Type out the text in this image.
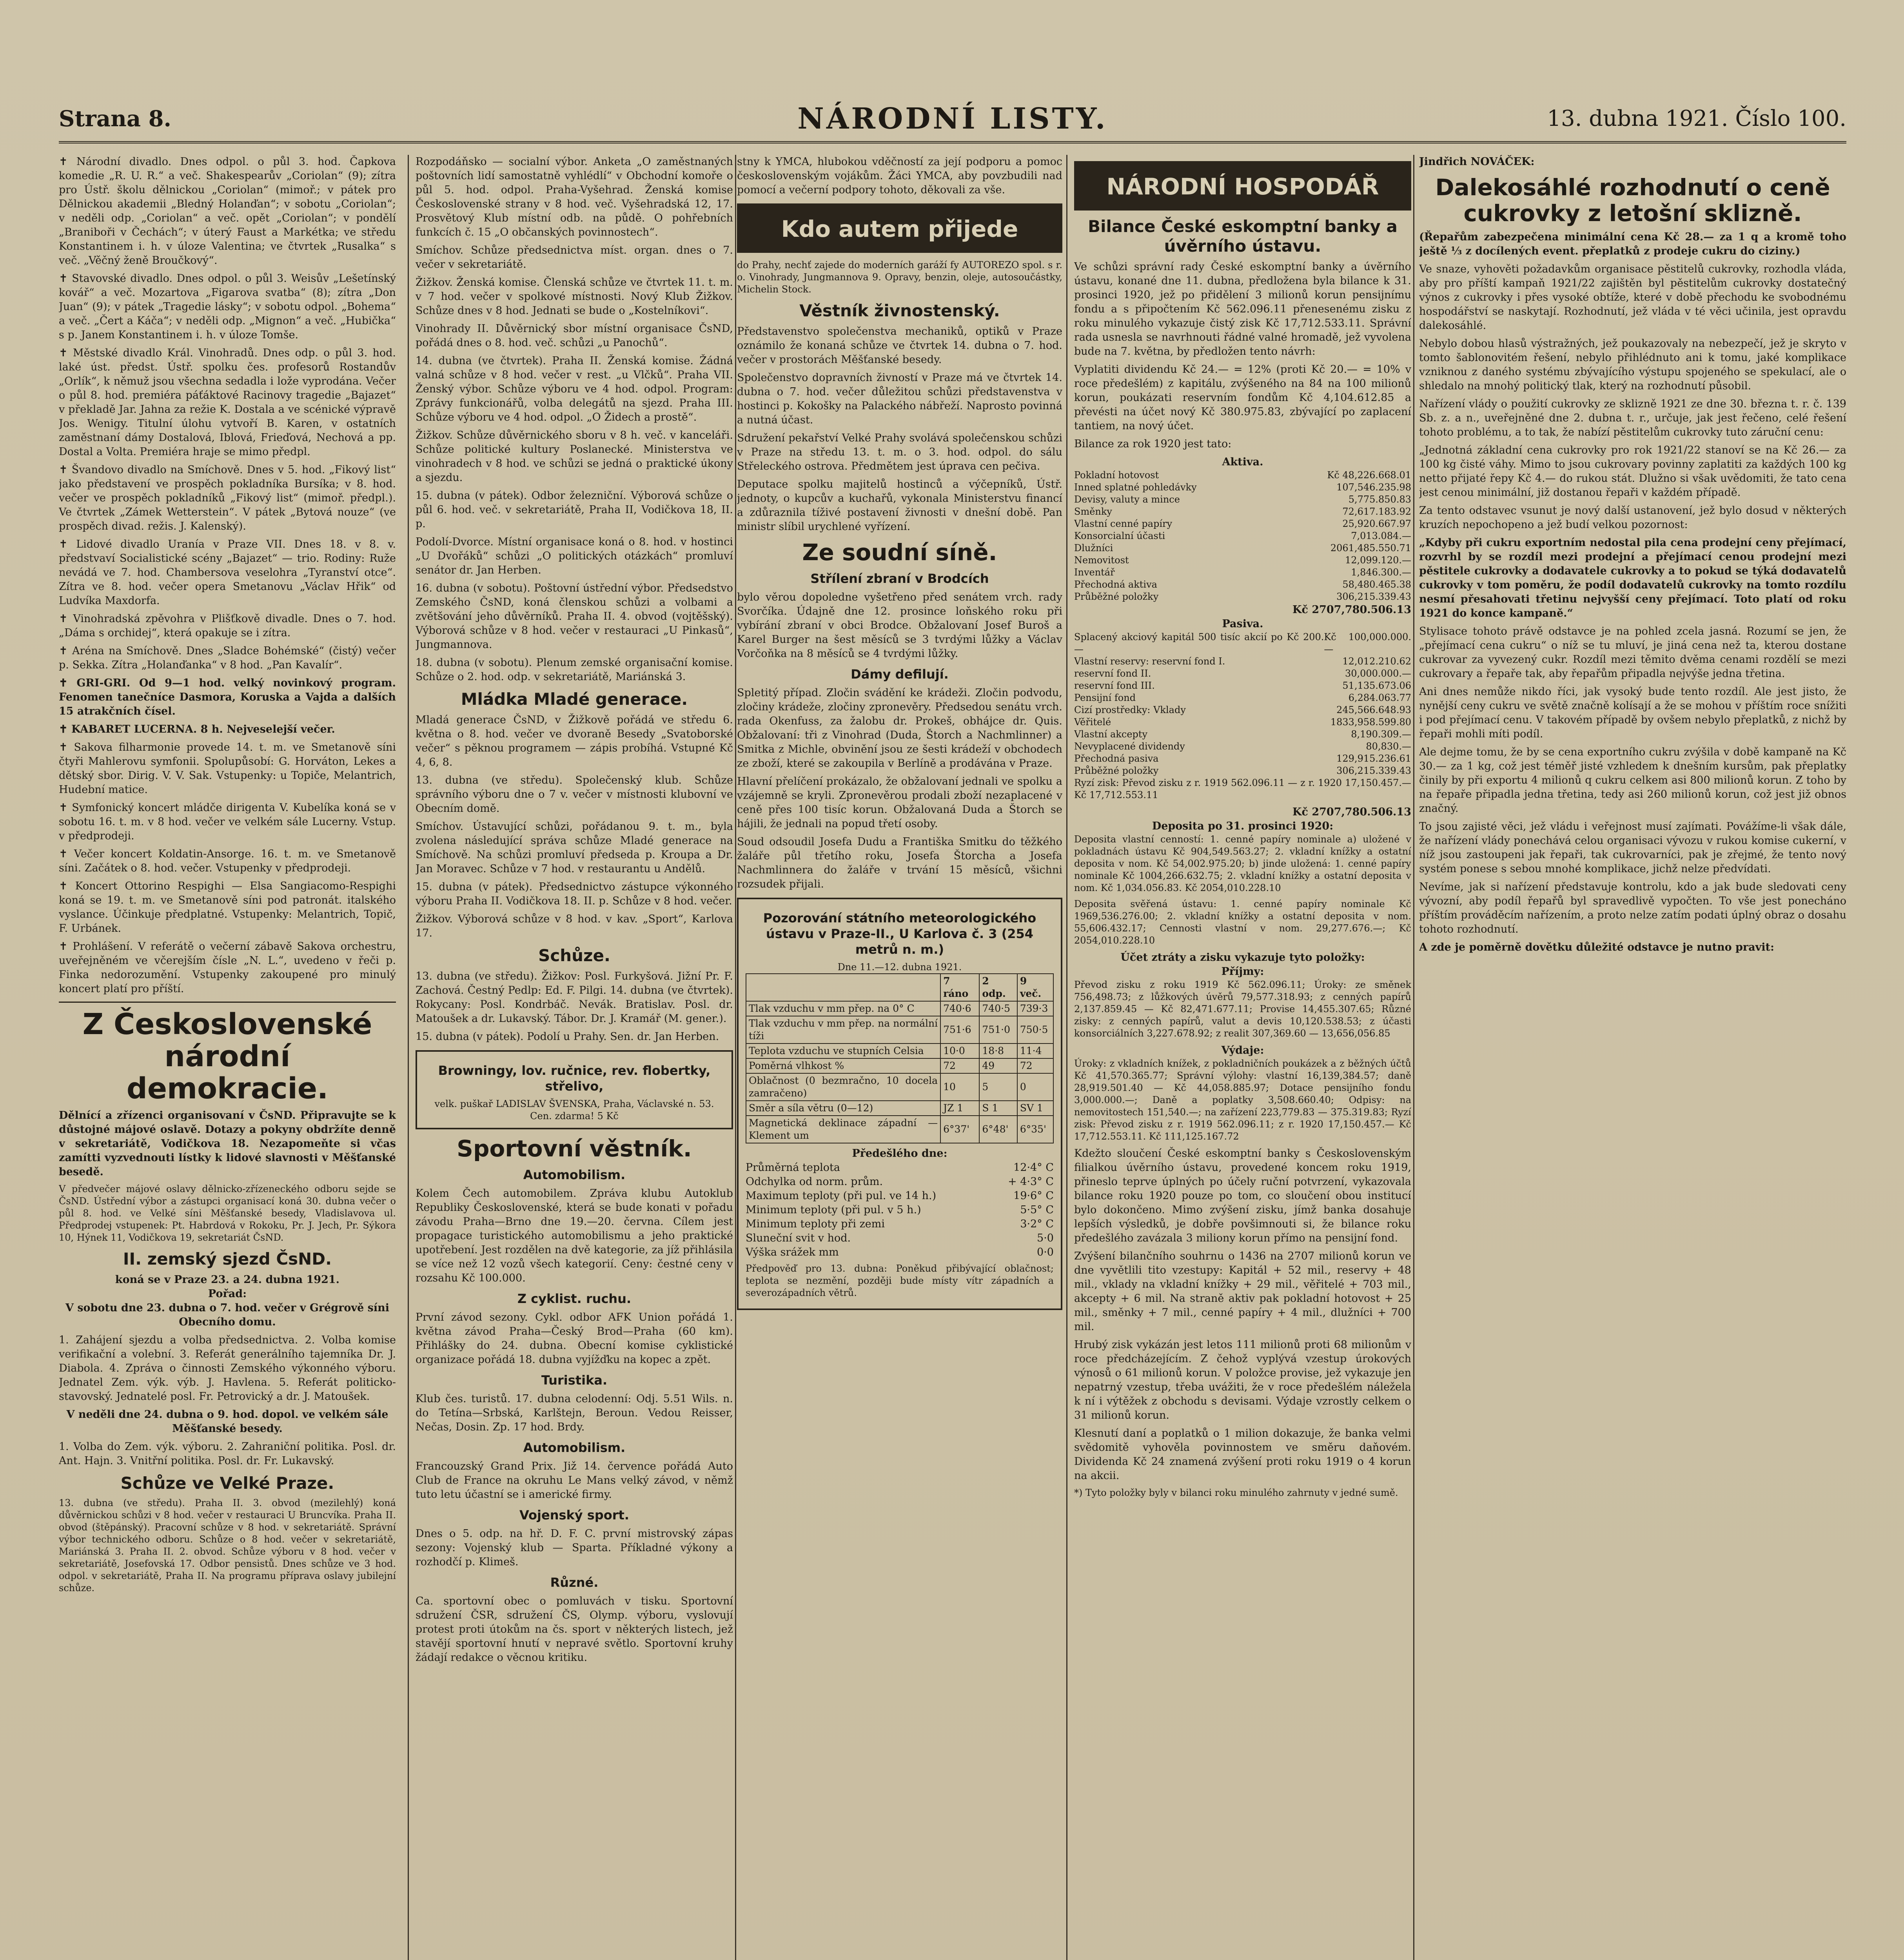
Strana 8.	NÁRODNÍ LISTY.	13. dubna 1921. Číslo 100.

✝ Národní divadlo. Dnes odpol. o půl 3. hod. Čapkova komedie „R. U. R.“ a več. Shakespearův „Coriolan“ (9); zítra pro Ústř. školu dělnickou „Coriolan“ (mimoř.; v pátek pro Dělnickou akademii „Bledný Holanďan“; v sobotu „Coriolan“; v neděli odp. „Coriolan“ a več. opět „Coriolan“; v pondělí „Braniboři v Čechách“; v úterý Faust a Markétka; ve středu Konstantinem i. h. v úloze Valentina; ve čtvrtek „Rusalka“ s več. „Věčný ženě Broučkový“.

✝ Stavovské divadlo. Dnes odpol. o půl 3. Weisův „Lešetínský kovář“ a več. Mozartova „Figarova svatba“ (8); zítra „Don Juan“ (9); v pátek „Tragedie lásky“; v sobotu odpol. „Bohema“ a več. „Čert a Káča“; v neděli odp. „Mignon“ a več. „Hubička“ s p. Janem Konstantinem i. h. v úloze Tomše.

✝ Městské divadlo Král. Vinohradů. Dnes odp. o půl 3. hod. laké úst. předst. Ústř. spolku čes. profesorů Rostandův „Orlík“, k němuž jsou všechna sedadla i lože vyprodána. Večer o půl 8. hod. premiéra páťáktové Racinovy tragedie „Bajazet“ v překladě Jar. Jahna za režie K. Dostala a ve scénické výpravě Jos. Wenigy. Titulní úlohu vytvoří B. Karen, v ostatních zaměstnaní dámy Dostalová, Iblová, Frieďová, Nechová a pp. Dostal a Volta. Premiéra hraje se mimo předpl.

✝ Švandovo divadlo na Smíchově. Dnes v 5. hod. „Fikový list“ jako představení ve prospěch pokladníka Bursíka; v 8. hod. večer ve prospěch pokladníků „Fikový list“ (mimoř. předpl.). Ve čtvrtek „Zámek Wetterstein“. V pátek „Bytová nouze“ (ve prospěch divad. režis. J. Kalenský).

✝ Lidové divadlo Uranía v Praze VII. Dnes 18. v 8. v. předstvaví Socialistické scény „Bajazet“ — trio. Rodiny: Ruže nevádá ve 7. hod. Chambersova veselohra „Tyranství otce“. Zítra ve 8. hod. večer opera Smetanovu „Václav Hřik“ od Ludvíka Maxdorfa.

✝ Vinohradská zpěvohra v Plišťkově divadle. Dnes o 7. hod. „Dáma s orchidej“, která opakuje se i zítra.

✝ Aréna na Smíchově. Dnes „Sladce Bohémské“ (čistý) večer p. Sekka. Zítra „Holanďanka“ v 8 hod. „Pan Kavalír“.

✝ GRI-GRI. Od 9—1 hod. velký novinkový program. Fenomen tanečníce Dasmora, Koruska a Vajda a dalších 15 atrakčních čísel.

✝ KABARET LUCERNA. 8 h. Nejveselejší večer.

✝ Sakova filharmonie provede 14. t. m. ve Smetanově síni čtyři Mahlerovu symfonii. Spolupůsobí: G. Horváton, Lekes a dětský sbor. Dirig. V. V. Sak. Vstupenky: u Topiče, Melantrich, Hudební matice.

✝ Symfonický koncert mládče dirigenta V. Kubelíka koná se v sobotu 16. t. m. v 8 hod. večer ve velkém sále Lucerny. Vstup. v předprodeji.

✝ Večer koncert Koldatin-Ansorge. 16. t. m. ve Smetanově síni. Začátek o 8. hod. večer. Vstupenky v předprodeji.

✝ Koncert Ottorino Respighi — Elsa Sangiacomo-Respighi koná se 19. t. m. ve Smetanově síni pod patronát. italského vyslance. Účinkuje předplatné. Vstupenky: Melantrich, Topič, F. Urbánek.

✝ Prohlášení. V referátě o večerní zábavě Sakova orchestru, uveřejněném ve včerejším čísle „N. L.“, uvedeno v řeči p. Finka nedorozumění. Vstupenky zakoupené pro minulý koncert platí pro příští.

Z Československé národní demokracie.

Dělnící a zřízenci organisovaní v ČsND. Připravujte se k důstojné májové oslavě. Dotazy a pokyny obdržíte denně v sekretariátě, Vodičkova 18. Nezapomeňte si včas zamítti vyzvednouti lístky k lidové slavnosti v Měšťanské besedě.

V předvečer májové oslavy dělnicko-zřízeneckého odboru sejde se ČsND. Ústřední výbor a zástupci organisací koná 30. dubna večer o půl 8. hod. ve Velké síni Měšťanské besedy, Vladislavova ul. Předprodej vstupenek: Pt. Habrdová v Rokoku, Pr. J. Jech, Pr. Sýkora 10, Hýnek 11, Vodičkova 19, sekretariát ČsND.

II. zemský sjezd ČsND.
koná se v Praze 23. a 24. dubna 1921.
Pořad:

V sobotu dne 23. dubna o 7. hod. večer v Grégrově síni Obecního domu.

1. Zahájení sjezdu a volba předsednictva. 2. Volba komise verifikační a volební. 3. Referát generálního tajemníka Dr. J. Diabola. 4. Zpráva o činnosti Zemského výkonného výboru. Jednatel Zem. výk. výb. J. Havlena. 5. Referát politicko-stavovský. Jednatelé posl. Fr. Petrovický a dr. J. Matoušek.

V neděli dne 24. dubna o 9. hod. dopol. ve velkém sále Měšťanské besedy.

1. Volba do Zem. výk. výboru. 2. Zahraniční politika. Posl. dr. Ant. Hajn. 3. Vnitřní politika. Posl. dr. Fr. Lukavský.

Schůze ve Velké Praze.

13. dubna (ve středu). Praha II. 3. obvod (mezilehlý) koná důvěrnickou schůzi v 8 hod. večer v restauraci U Bruncvíka. Praha II. obvod (štěpánský). Pracovní schůze v 8 hod. v sekretariátě. Správní výbor technického odboru. Schůze o 8 hod. večer v sekretariátě, Mariánská 3. Praha II. 2. obvod. Schůze výboru v 8 hod. večer v sekretariátě, Josefovská 17. Odbor pensistů. Dnes schůze ve 3 hod. odpol. v sekretariátě, Praha II. Na programu příprava oslavy jubilejní schůze.

Rozpodáňsko — socialní výbor. Anketa „O zaměstnaných poštovních lidí samostatně vyhlédlí“ v Obchodní komoře o půl 5. hod. odpol. Praha-Vyšehrad. Ženská komise Československé strany v 8 hod. več. Vyšehradská 12, 17. Prosvětový Klub místní odb. na půdě. O pohřebních funkcích č. 15 „O občanských povinnostech“.

Smíchov. Schůze předsednictva míst. organ. dnes o 7. večer v sekretariátě.

Žižkov. Ženská komise. Členská schůze ve čtvrtek 11. t. m. v 7 hod. večer v spolkové místnosti. Nový Klub Žižkov. Schůze dnes v 8 hod. Jednati se bude o „Kostelníkovi“.

Vinohrady II. Důvěrnický sbor místní organisace ČsND, pořádá dnes o 8. hod. več. schůzi „u Panochů“.

14. dubna (ve čtvrtek). Praha II. Ženská komise. Žádná valná schůze v 8 hod. večer v rest. „u Vlčků“. Praha VII. Ženský výbor. Schůze výboru ve 4 hod. odpol. Program: Zprávy funkcionářů, volba delegátů na sjezd. Praha III. Schůze výboru ve 4 hod. odpol. „O Židech a prostě“.

Žižkov. Schůze důvěrnického sboru v 8 h. več. v kanceláři. Schůze politické kultury Poslanecké. Ministerstva ve vinohradech v 8 hod. ve schůzi se jedná o praktické úkony a sjezdu.

15. dubna (v pátek). Odbor železniční. Výborová schůze o půl 6. hod. več. v sekretariátě, Praha II, Vodičkova 18, II. p.

Podolí-Dvorce. Místní organisace koná o 8. hod. v hostinci „U Dvořáků“ schůzi „O politických otázkách“ promluví senátor dr. Jan Herben.

16. dubna (v sobotu). Poštovní ústřední výbor. Předsedstvo Zemského ČsND, koná členskou schůzi a volbami a zvětšování jeho důvěrníků. Praha II. 4. obvod (vojtěšský). Výborová schůze v 8 hod. večer v restauraci „U Pinkasů“, Jungmannova.

18. dubna (v sobotu). Plenum zemské organisační komise. Schůze o 2. hod. odp. v sekretariátě, Mariánská 3.

Mládka Mladé generace.

Mladá generace ČsND, v Žižkově pořádá ve středu 6. května o 8. hod. večer ve dvoraně Besedy „Svatoborské večer“ s pěknou programem — zápis probíhá. Vstupné Kč 4, 6, 8.

13. dubna (ve středu). Společenský klub. Schůze správního výboru dne o 7 v. večer v místnosti klubovní ve Obecním domě.

Smíchov. Ústavující schůzi, pořádanou 9. t. m., byla zvolena následující správa schůze Mladé generace na Smíchově. Na schůzi promluví předseda p. Kroupa a Dr. Jan Moravec. Schůze v 7 hod. v restaurantu u Andělů.

15. dubna (v pátek). Předsednictvo zástupce výkonného výboru Praha II. Vodičkova 18. II. p. Schůze v 8 hod. večer.

Žižkov. Výborová schůze v 8 hod. v kav. „Sport“, Karlova 17.

Schůze.

13. dubna (ve středu). Žižkov: Posl. Furkyšová. Jižní Pr. F. Zachová. Čestný Pedlp: Ed. F. Pilgi. 14. dubna (ve čtvrtek). Rokycany: Posl. Kondrbáč. Nevák. Bratislav. Posl. dr. Matoušek a dr. Lukavský. Tábor. Dr. J. Kramář (M. gener.).

15. dubna (v pátek). Podolí u Prahy. Sen. dr. Jan Herben.

Browningy, lov. ručnice, rev. flobertky, střelivo,
velk. puškař LADISLAV ŠVENSKA, Praha, Václavské n. 53. Cen. zdarma! 5 Kč
Sportovní věstník.
Automobilism.

Kolem Čech automobilem. Zpráva klubu Autoklub Republiky Československé, která se bude konati v pořadu závodu Praha—Brno dne 19.—20. června. Cílem jest propagace turistického automobilismu a jeho praktické upotřebení. Jest rozdělen na dvě kategorie, za jíž přihlásila se více než 12 vozů všech kategorií. Ceny: čestné ceny v rozsahu Kč 100.000.

Z cyklist. ruchu.

První závod sezony. Cykl. odbor AFK Union pořádá 1. května závod Praha—Český Brod—Praha (60 km). Přihlášky do 24. dubna. Obecní komise cyklistické organizace pořádá 18. dubna vyjížďku na kopec a zpět.

Turistika.

Klub čes. turistů. 17. dubna celodenní: Odj. 5.51 Wils. n. do Tetína—Srbská, Karlštejn, Beroun. Vedou Reisser, Nečas, Dosin. Zp. 17 hod. Brdy.

Automobilism.

Francouzský Grand Prix. Již 14. července pořádá Auto Club de France na okruhu Le Mans velký závod, v němž tuto letu účastní se i americké firmy.

Vojenský sport.

Dnes o 5. odp. na hř. D. F. C. první mistrovský zápas sezony: Vojenský klub — Sparta. Příkladné výkony a rozhodčí p. Klimeš.

Různé.

Ca. sportovní obec o pomluvách v tisku. Sportovní sdružení ČSR, sdružení ČS, Olymp. výboru, vyslovují protest proti útokům na čs. sport v některých listech, jež stavějí sportovní hnutí v nepravé světlo. Sportovní kruhy žádají redakce o věcnou kritiku.

stny k YMCA, hlubokou vděčností za její podporu a pomoc československým vojákům. Žáci YMCA, aby povzbudili nad pomocí a večerní podpory tohoto, děkovali za vše.

Kdo autem přijede

do Prahy, nechť zajede do moderních garáží fy AUTOREZO spol. s r. o. Vinohrady, Jungmannova 9. Opravy, benzin, oleje, autosoučástky, Michelin Stock.

Věstník živnostenský.

Představenstvo společenstva mechaniků, optiků v Praze oznámilo že konaná schůze ve čtvrtek 14. dubna o 7. hod. večer v prostorách Měšťanské besedy.

Společenstvo dopravních živností v Praze má ve čtvrtek 14. dubna o 7. hod. večer důležitou schůzi představenstva v hostinci p. Kokošky na Palackého nábřeží. Naprosto povinná a nutná účast.

Sdružení pekařství Velké Prahy svolává společenskou schůzi v Praze na středu 13. t. m. o 3. hod. odpol. do sálu Střeleckého ostrova. Předmětem jest úprava cen pečiva.

Deputace spolku majitelů hostinců a výčepníků, Ústř. jednoty, o kupcův a kuchařů, vykonala Ministerstvu financí a zdůraznila tíživé postavení živnosti v dnešní době. Pan ministr slíbil urychlené vyřízení.

Ze soudní síně.
Střílení zbraní v Brodcích

bylo věrou dopoledne vyšetřeno před senátem vrch. rady Svorčíka. Údajně dne 12. prosince loňského roku při vybírání zbraní v obci Brodce. Obžalovaní Josef Buroš a Karel Burger na šest měsíců se 3 tvrdými lůžky a Václav Vorčoňka na 8 měsíců se 4 tvrdými lůžky.

Dámy defilují.

Spletitý případ. Zločin svádění ke krádeži. Zločin podvodu, zločiny krádeže, zločiny zpronevěry. Předsedou senátu vrch. rada Okenfuss, za žalobu dr. Prokeš, obhájce dr. Quis. Obžalovaní: tři z Vinohrad (Duda, Štorch a Nachmlinner) a Smitka z Michle, obvinění jsou ze šesti krádeží v obchodech ze zboží, které se zakoupila v Berlíně a prodávána v Praze.

Hlavní přelíčení prokázalo, že obžalovaní jednali ve spolku a vzájemně se kryli. Zpronevěrou prodali zboží nezaplacené v ceně přes 100 tisíc korun. Obžalovaná Duda a Štorch se hájili, že jednali na popud třetí osoby.

Soud odsoudil Josefa Dudu a Františka Smitku do těžkého žaláře půl třetího roku, Josefa Štorcha a Josefa Nachmlinnera do žaláře v trvání 15 měsíců, všichni rozsudek přijali.

Pozorování státního meteorologického ústavu v Praze-II., U Karlova č. 3 (254 metrů n. m.)
Dne 11.—12. dubna 1921.
	7 ráno	2 odp.	9 več.
Tlak vzduchu v mm přep. na 0° C	740·6	740·5	739·3
Tlak vzduchu v mm přep. na normální tíži	751·6	751·0	750·5
Teplota vzduchu ve stupních Celsia	10·0	18·8	11·4
Poměrná vlhkost %	72	49	72
Oblačnost (0 bezmračno, 10 docela zamračeno)	10	5	0
Směr a síla větru (0—12)	JZ 1	S 1	SV 1
Magnetická deklinace západní — Klement um	6°37'	6°48'	6°35'
Předešlého dne:
Průměrná teplota	12·4° C
Odchylka od norm. prům.	+ 4·3° C
Maximum teploty (při pul. ve 14 h.)	19·6° C
Minimum teploty (při pul. v 5 h.)	5·5° C
Minimum teploty při zemi	3·2° C
Sluneční svit v hod.	5·0
Výška srážek mm	0·0

Předpověď pro 13. dubna: Poněkud přibývající oblačnost; teplota se nezmění, později bude místy vítr západních a severozápadních větrů.

NÁRODNÍ HOSPODÁŘ
Bilance České eskomptní banky a úvěrního ústavu.

Ve schůzi správní rady České eskomptní banky a úvěrního ústavu, konané dne 11. dubna, předložena byla bilance k 31. prosinci 1920, jež po přidělení 3 milionů korun pensijnímu fondu a s připočtením Kč 562.096.11 přenesenému zisku z roku minulého vykazuje čistý zisk Kč 17,712.533.11. Správní rada usnesla se navrhnouti řádné valné hromadě, jež vyvolena bude na 7. května, by předložen tento návrh:

Vyplatiti dividendu Kč 24.— = 12% (proti Kč 20.— = 10% v roce předešlém) z kapitálu, zvýšeného na 84 na 100 milionů korun, poukázati reservním fondům Kč 4,104.612.85 a převésti na účet nový Kč 380.975.83, zbývající po zaplacení tantiem, na nový účet.

Bilance za rok 1920 jest tato:

Aktiva.
Pokladní hotovost	Kč 48,226.668.01
Inned splatné pohledávky	107,546.235.98
Devisy, valuty a mince	5,775.850.83
Směnky	72,617.183.92
Vlastní cenné papíry	25,920.667.97
Konsorcialní účasti	7,013.084.—
Dlužníci	2061,485.550.71
Nemovitost	12,099.120.—
Inventář	1,846.300.—
Přechodná aktiva	58,480.465.38
Průběžné položky	306,215.339.43
Kč 2707,780.506.13
Pasiva.
Splacený akciový kapitál 500 tisíc akcií po Kč 200.—
Kč 100,000.000.—
Vlastní reservy: reservní fond I.	12,012.210.62
reservní fond II.	30,000.000.—
reservní fond III.	51,135.673.06
Pensijní fond	6,284.063.77
Cizí prostředky: Vklady	245,566.648.93
Věřitelé	1833,958.599.80
Vlastní akcepty	8,190.309.—
Nevyplacené dividendy	80,830.—
Přechodná pasiva	129,915.236.61
Průběžné položky	306,215.339.43

Ryzí zisk: Převod zisku z r. 1919 562.096.11 — z r. 1920 17,150.457.— Kč 17,712.553.11

Kč 2707,780.506.13
Deposita po 31. prosinci 1920:

Deposita vlastní cenností: 1. cenné papíry nominale a) uložené v pokladnách ústavu Kč 904,549.563.27; 2. vkladní knížky a ostatní deposita v nom. Kč 54,002.975.20; b) jinde uložená: 1. cenné papíry nominale Kč 1004,266.632.75; 2. vkladní knížky a ostatní deposita v nom. Kč 1,034.056.83. Kč 2054,010.228.10

Deposita svěřená ústavu: 1. cenné papíry nominale Kč 1969,536.276.00; 2. vkladní knížky a ostatní deposita v nom. 55,606.432.17; Cennosti vlastní v nom. 29,277.676.—; Kč 2054,010.228.10

Účet ztráty a zisku vykazuje tyto položky:
Příjmy:

Převod zisku z roku 1919 Kč 562.096.11; Úroky: ze směnek 756,498.73; z lůžkových úvěrů 79,577.318.93; z cenných papírů 2,137.859.45 — Kč 82,471.677.11; Provise 14,455.307.65; Různé zisky: z cenných papírů, valut a devis 10,120.538.53; z účasti konsorciálních 3,227.678.92; z realit 307,369.60 — 13,656,056.85

Výdaje:

Úroky: z vkladních knížek, z pokladničních poukázek a z běžných účtů Kč 41,570.365.77; Správní výlohy: vlastní 16,139,384.57; daně 28,919.501.40 — Kč 44,058.885.97; Dotace pensijního fondu 3,000.000.—; Daně a poplatky 3,508.660.40; Odpisy: na nemovitostech 151,540.—; na zařízení 223,779.83 — 375.319.83; Ryzí zisk: Převod zisku z r. 1919 562.096.11; z r. 1920 17,150.457.— Kč 17,712.553.11. Kč 111,125.167.72

Kdežto sloučení České eskomptní banky s Československým filialkou úvěrního ústavu, provedené koncem roku 1919, přineslo teprve úplných po účely ruční potvrzení, vykazovala bilance roku 1920 pouze po tom, co sloučení obou institucí bylo dokončeno. Mimo zvýšení zisku, jímž banka dosahuje lepších výsledků, je dobře povšimnouti si, že bilance roku předešlého zavázala 3 miliony korun přímo na pensijní fond.

Zvýšení bilančního souhrnu o 1436 na 2707 milionů korun ve dne vyvětlili tito vzestupy: Kapitál + 52 mil., reservy + 48 mil., vklady na vkladní knížky + 29 mil., věřitelé + 703 mil., akcepty + 6 mil. Na straně aktiv pak pokladní hotovost + 25 mil., směnky + 7 mil., cenné papíry + 4 mil., dlužníci + 700 mil.

Hrubý zisk vykázán jest letos 111 milionů proti 68 milionům v roce předcházejícím. Z čehož vyplývá vzestup úrokových výnosů o 61 milionů korun. V položce provise, jež vykazuje jen nepatrný vzestup, třeba uvážiti, že v roce předešlém náležela k ní i výtěžek z obchodu s devisami. Výdaje vzrostly celkem o 31 milionů korun.

Klesnutí daní a poplatků o 1 milion dokazuje, že banka velmi svědomitě vyhověla povinnostem ve směru daňovém. Dividenda Kč 24 znamená zvýšení proti roku 1919 o 4 korun na akcii.

*) Tyto položky byly v bilanci roku minulého zahrnuty v jedné sumě.

Jindřich NOVÁČEK:
Dalekosáhlé rozhodnutí o ceně cukrovky z letošní sklizně.

(Řepařům zabezpečena minimální cena Kč 28.— za 1 q a kromě toho ještě ⅓ z docílených event. přeplatků z prodeje cukru do ciziny.)

Ve snaze, vyhověti požadavkům organisace pěstitelů cukrovky, rozhodla vláda, aby pro příští kampaň 1921/22 zajištěn byl pěstitelům cukrovky dostatečný výnos z cukrovky i přes vysoké obtíže, které v době přechodu ke svobodnému hospodářství se naskytají. Rozhodnutí, jež vláda v té věci učinila, jest opravdu dalekosáhlé.

Nebylo dobou hlasů výstražných, jež poukazovaly na nebezpečí, jež je skryto v tomto šablonovitém řešení, nebylo přihlédnuto ani k tomu, jaké komplikace vzniknou z daného systému zbývajícího výstupu spojeného se spekulací, ale o shledalo na mnohý politický tlak, který na rozhodnutí působil.

Nařízení vlády o použití cukrovky ze sklizně 1921 ze dne 30. března t. r. č. 139 Sb. z. a n., uveřejněné dne 2. dubna t. r., určuje, jak jest řečeno, celé řešení tohoto problému, a to tak, že nabízí pěstitelům cukrovky tuto záruční cenu:

„Jednotná základní cena cukrovky pro rok 1921/22 stanoví se na Kč 26.— za 100 kg čisté váhy. Mimo to jsou cukrovary povinny zaplatiti za každých 100 kg netto přijaté řepy Kč 4.— do rukou stát. Dlužno si však uvědomiti, že tato cena jest cenou minimální, již dostanou řepaři v každém případě.

Za tento odstavec vsunut je nový další ustanovení, jež bylo dosud v některých kruzích nepochopeno a jež budí velkou pozornost:

„Kdyby při cukru exportním nedostal pila cena prodejní ceny přejímací, rozvrhl by se rozdíl mezi prodejní a přejímací cenou prodejní mezi pěstitele cukrovky a dodavatele cukrovky a to pokud se týká dodavatelů cukrovky v tom poměru, že podíl dodavatelů cukrovky na tomto rozdílu nesmí přesahovati třetinu nejvyšší ceny přejímací. Toto platí od roku 1921 do konce kampaně.“

Stylisace tohoto právě odstavce je na pohled zcela jasná. Rozumí se jen, že „přejímací cena cukru“ o níž se tu mluví, je jiná cena než ta, kterou dostane cukrovar za vyvezený cukr. Rozdíl mezi těmito dvěma cenami rozdělí se mezi cukrovary a řepaře tak, aby řepařům připadla nejvýše jedna třetina.

Ani dnes nemůže nikdo říci, jak vysoký bude tento rozdíl. Ale jest jisto, že nynější ceny cukru ve světě značně kolísají a že se mohou v příštím roce snížiti i pod přejímací cenu. V takovém případě by ovšem nebylo přeplatků, z nichž by řepaři mohli míti podíl.

Ale dejme tomu, že by se cena exportního cukru zvýšila v době kampaně na Kč 30.— za 1 kg, což jest téměř jisté vzhledem k dnešním kursům, pak přeplatky činily by při exportu 4 milionů q cukru celkem asi 800 milionů korun. Z toho by na řepaře připadla jedna třetina, tedy asi 260 milionů korun, což jest již obnos značný.

To jsou zajisté věci, jež vládu i veřejnost musí zajímati. Povážíme-li však dále, že nařízení vlády ponechává celou organisaci vývozu v rukou komise cukerní, v níž jsou zastoupeni jak řepaři, tak cukrovarníci, pak je zřejmé, že tento nový systém ponese s sebou mnohé komplikace, jichž nelze předvídati.

Nevíme, jak si nařízení představuje kontrolu, kdo a jak bude sledovati ceny vývozní, aby podíl řepařů byl spravedlivě vypočten. To vše jest ponecháno příštím prováděcím nařízením, a proto nelze zatím podati úplný obraz o dosahu tohoto rozhodnutí.

A zde je poměrně dovětku důležité odstavce je nutno pravit:
